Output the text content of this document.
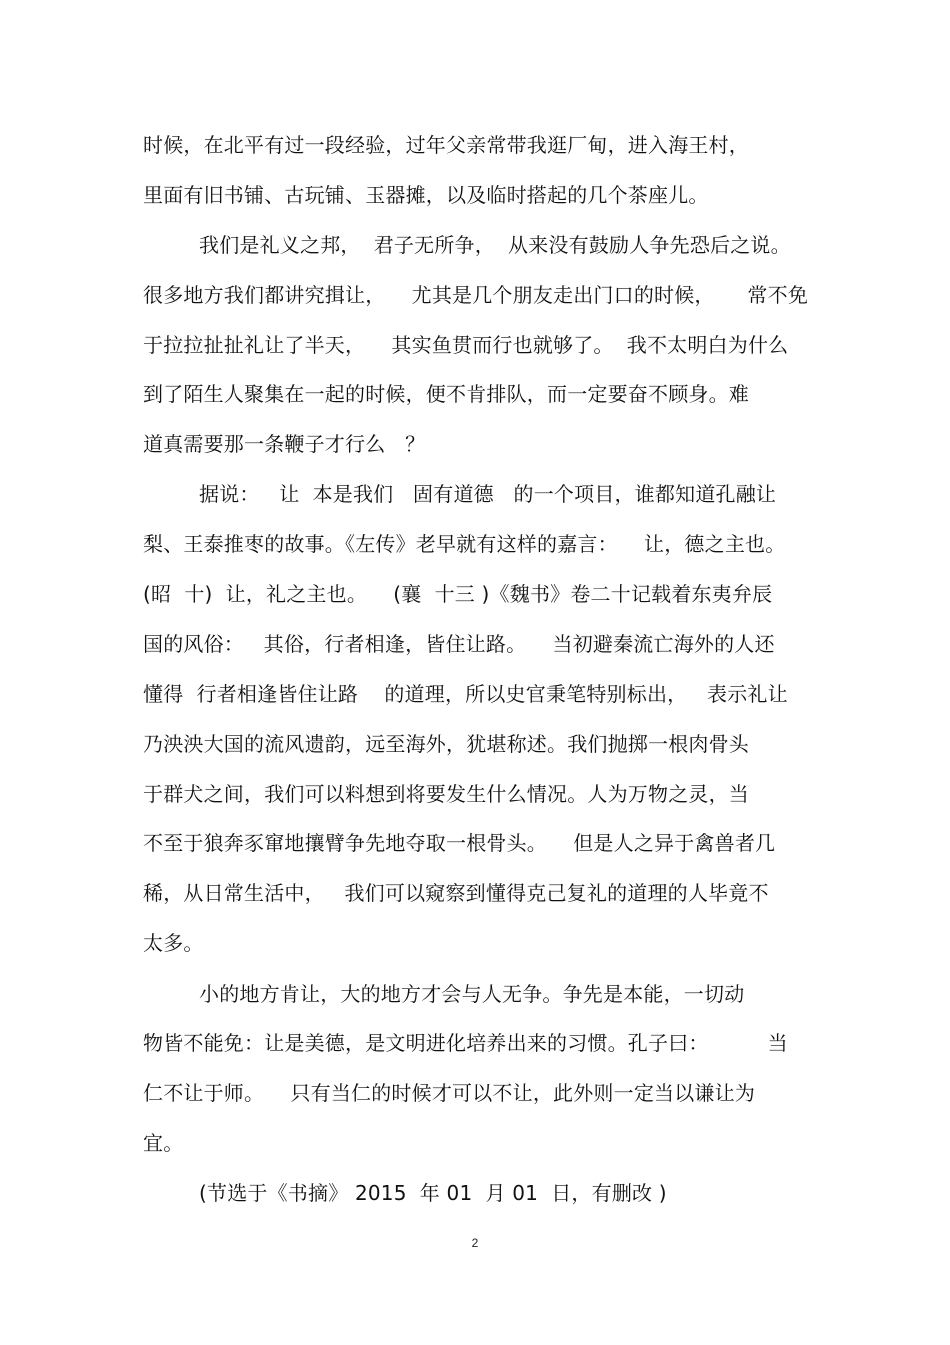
时候，在北平有过一段经验，过年父亲常带我逛厂甸，进入海王村，
里面有旧书铺、古玩铺、玉器摊，以及临时搭起的几个茶座儿。
我们是礼义之邦，  君子无所争，  从来没有鼓励人争先恐后之说。
很多地方我们都讲究揖让，    尤其是几个朋友走出门口的时候，     常不免
于拉拉扯扯礼让了半天，    其实鱼贯而行也就够了。  我不太明白为什么
到了陌生人聚集在一起的时候，便不肯排队，而一定要奋不顾身。难
道真需要那一条鞭子才行么   ？
据说：   让  本是我们   固有道德   的一个项目，谁都知道孔融让
梨、王泰推枣的故事。《左传》老早就有这样的嘉言：    让，德之主也。
(昭  十)  让，礼之主也。    (襄  十三 )《魏书》卷二十记载着东夷弁辰
国的风俗：   其俗，行者相逢，皆住让路。    当初避秦流亡海外的人还
懂得  行者相逢皆住让路    的道理，所以史官秉笔特别标出，   表示礼让
乃泱泱大国的流风遗韵，远至海外，犹堪称述。我们抛掷一根肉骨头
于群犬之间，我们可以料想到将要发生什么情况。人为万物之灵，当
不至于狼奔豕窜地攘臂争先地夺取一根骨头。    但是人之异于禽兽者几
稀，从日常生活中，   我们可以窥察到懂得克己复礼的道理的人毕竟不
太多。
小的地方肯让，大的地方才会与人无争。争先是本能，一切动
物皆不能免：让是美德，是文明进化培养出来的习惯。孔子曰：         当
仁不让于师。    只有当仁的时候才可以不让，此外则一定当以谦让为
宜。
(节选于《书摘》 2015  年 01  月 01  日，有删改 )
2
